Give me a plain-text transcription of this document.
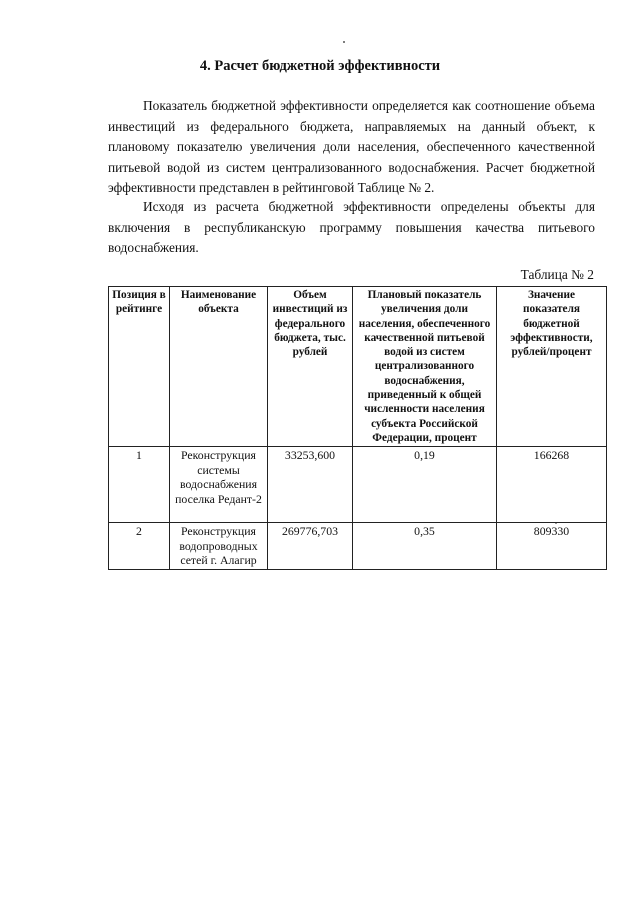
4. Расчет бюджетной эффективности

Показатель бюджетной эффективности определяется как соотношение объема инвестиций из федерального бюджета, направляемых на данный объект, к плановому показателю увеличения доли населения, обеспеченного качественной питьевой водой из систем централизованного водоснабжения. Расчет бюджетной эффективности представлен в рейтинговой Таблице № 2.

Исходя из расчета бюджетной эффективности определены объекты для включения в республиканскую программу повышения качества питьевого водоснабжения.

Таблица № 2
Позиция в рейтинге	Наименование объекта	Объем инвестиций из федерального бюджета, тыс. рублей	Плановый показатель увеличения доли населения, обеспеченного качественной питьевой водой из систем централизованного водоснабжения, приведенный к общей численности населения субъекта Российской Федерации, процент	Значение показателя бюджетной эффективности, рублей/процент
1	Реконструкция системы водоснабжения поселка Редант-2	33253,600	0,19	166268
2	Реконструкция водопроводных сетей г. Алагир	269776,703	0,35	809330
